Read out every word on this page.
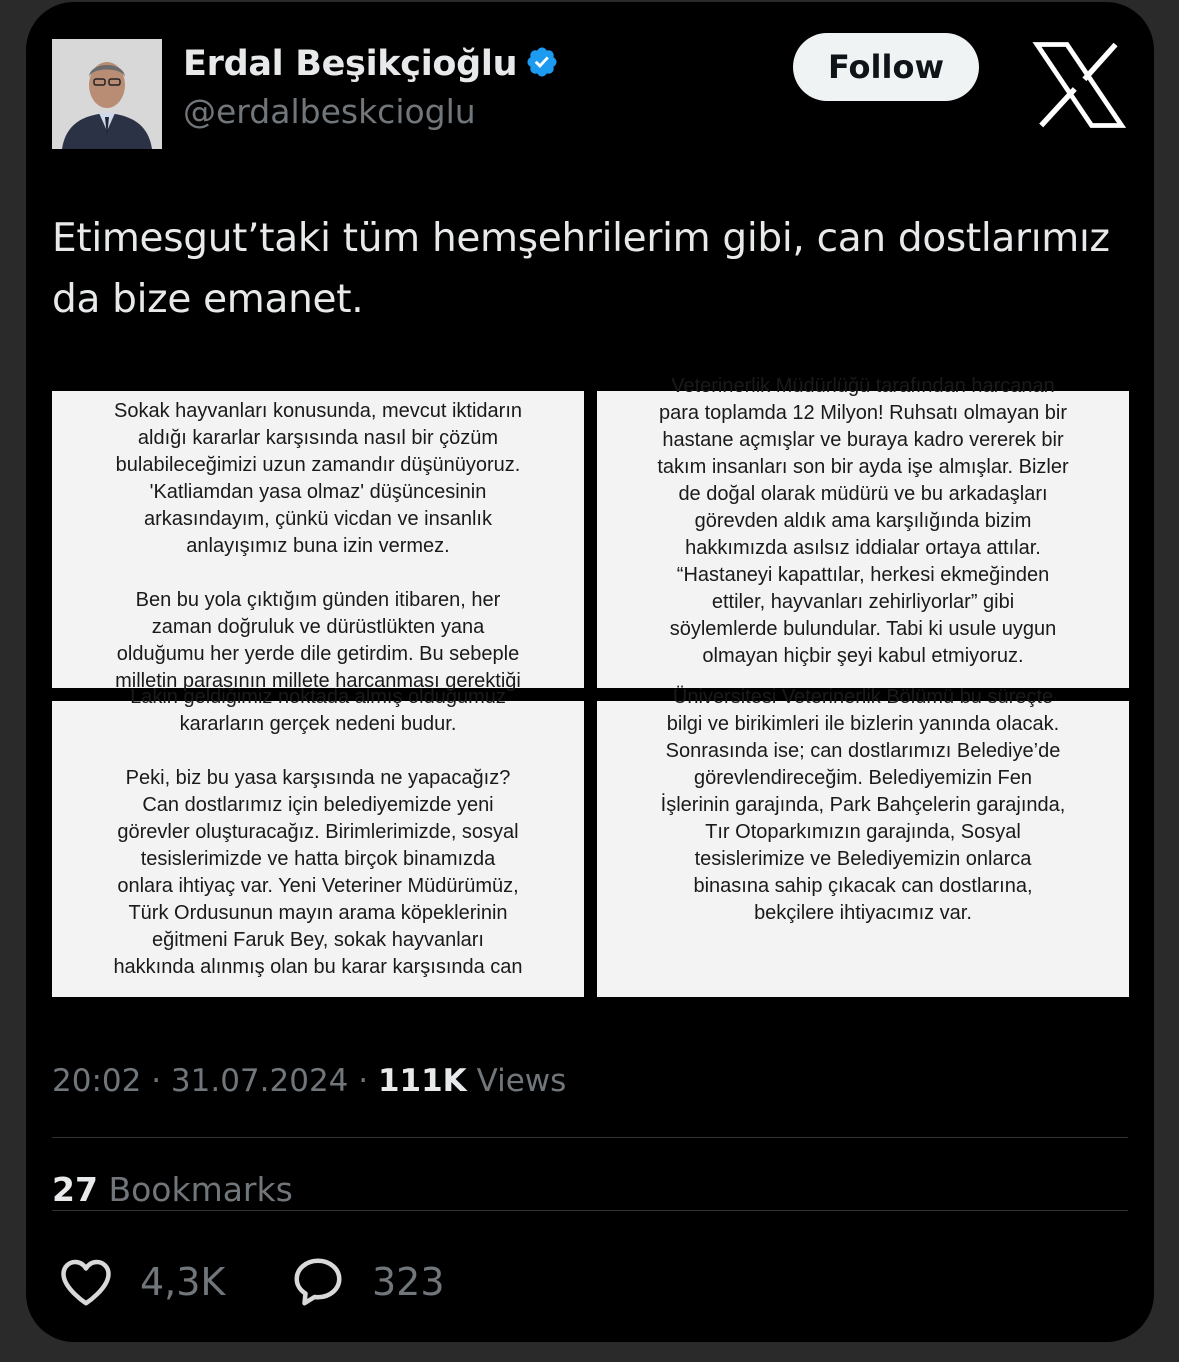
Erdal Beşikçioğlu
@erdalbeskcioglu
Follow
Etimesgut’taki tüm hemşehrilerim gibi, can dostlarımız da bize emanet.

Sokak hayvanları konusunda, mevcut iktidarın
aldığı kararlar karşısında nasıl bir çözüm
bulabileceğimizi uzun zamandır düşünüyoruz.
'Katliamdan yasa olmaz' düşüncesinin
arkasındayım, çünkü vicdan ve insanlık
anlayışımız buna izin vermez.

Ben bu yola çıktığım günden itibaren, her
zaman doğruluk ve dürüstlükten yana
olduğumu her yerde dile getirdim. Bu sebeple
milletin parasının millete harcanması gerektiği

Veterinerlik Müdürlüğü tarafından harcanan
para toplamda 12 Milyon! Ruhsatı olmayan bir
hastane açmışlar ve buraya kadro vererek bir
takım insanları son bir ayda işe almışlar. Bizler
de doğal olarak müdürü ve bu arkadaşları
görevden aldık ama karşılığında bizim
hakkımızda asılsız iddialar ortaya attılar.
“Hastaneyi kapattılar, herkesi ekmeğinden
ettiler, hayvanları zehirliyorlar” gibi
söylemlerde bulundular. Tabi ki usule uygun
olmayan hiçbir şeyi kabul etmiyoruz.

Lakin geldiğimiz noktada almış olduğumuz
kararların gerçek nedeni budur.

Peki, biz bu yasa karşısında ne yapacağız?
Can dostlarımız için belediyemizde yeni
görevler oluşturacağız. Birimlerimizde, sosyal
tesislerimizde ve hatta birçok binamızda
onlara ihtiyaç var. Yeni Veteriner Müdürümüz,
Türk Ordusunun mayın arama köpeklerinin
eğitmeni Faruk Bey, sokak hayvanları
hakkında alınmış olan bu karar karşısında can

Üniversitesi Veterinerlik Bölümü bu süreçte
bilgi ve birikimleri ile bizlerin yanında olacak.
Sonrasında ise; can dostlarımızı Belediye’de
görevlendireceğim. Belediyemizin Fen
İşlerinin garajında, Park Bahçelerin garajında,
Tır Otoparkımızın garajında, Sosyal
tesislerimize ve Belediyemizin onlarca
binasına sahip çıkacak can dostlarına,
bekçilere ihtiyacımız var.

20:02 · 31.07.2024 · 111K Views
27 Bookmarks
4,3K	323
